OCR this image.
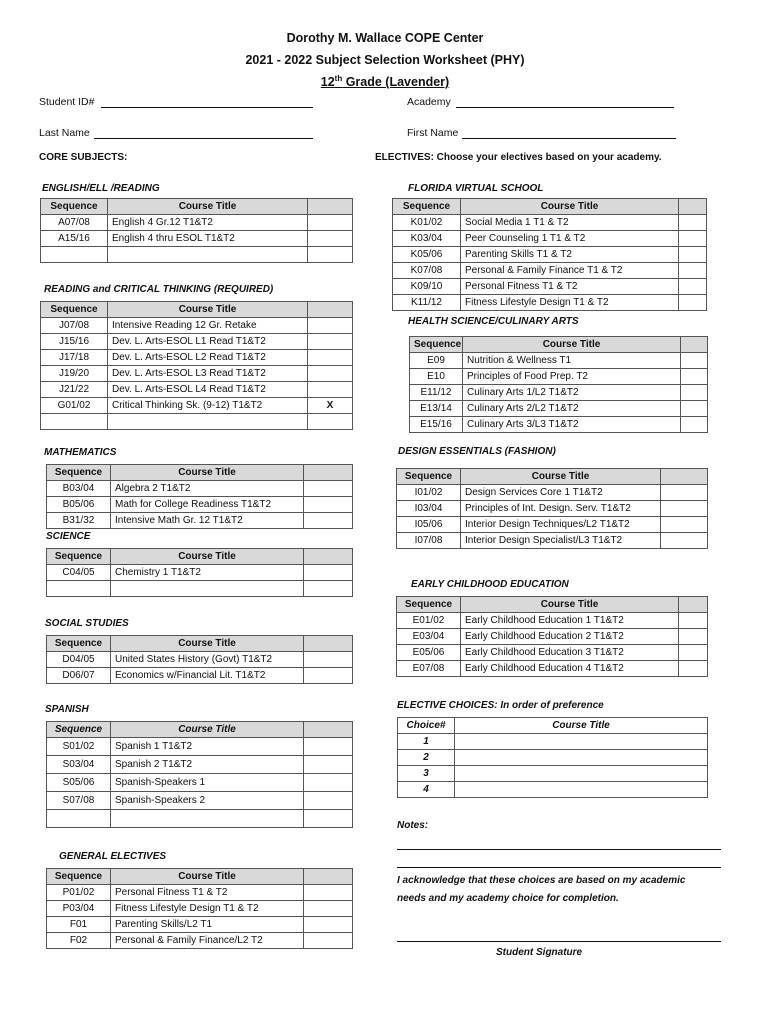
Dorothy M. Wallace COPE Center
2021 - 2022 Subject Selection Worksheet (PHY)
12th Grade (Lavender)
Student ID#	Academy
Last Name	First Name
CORE SUBJECTS:	ELECTIVES: Choose your electives based on your academy.
ENGLISH/ELL /READING
Sequence	Course Title	
A07/08	English 4 Gr.12 T1&T2	
A15/16	English 4 thru ESOL T1&T2	

READING and CRITICAL THINKING (REQUIRED)
Sequence	Course Title	
J07/08	Intensive Reading 12 Gr. Retake	
J15/16	Dev. L. Arts-ESOL L1 Read T1&T2	
J17/18	Dev. L. Arts-ESOL L2 Read T1&T2	
J19/20	Dev. L. Arts-ESOL L3 Read T1&T2	
J21/22	Dev. L. Arts-ESOL L4 Read T1&T2	
G01/02	Critical Thinking Sk. (9-12) T1&T2	X

MATHEMATICS
Sequence	Course Title	
B03/04	Algebra 2 T1&T2	
B05/06	Math for College Readiness T1&T2	
B31/32	Intensive Math Gr. 12 T1&T2	
SCIENCE
Sequence	Course Title	
C04/05	Chemistry 1 T1&T2	

SOCIAL STUDIES
Sequence	Course Title	
D04/05	United States History (Govt) T1&T2	
D06/07	Economics w/Financial Lit. T1&T2	
SPANISH
Sequence	Course Title	
S01/02	Spanish 1 T1&T2	
S03/04	Spanish 2 T1&T2	
S05/06	Spanish-Speakers 1	
S07/08	Spanish-Speakers 2	

GENERAL ELECTIVES
Sequence	Course Title	
P01/02	Personal Fitness T1 & T2	
P03/04	Fitness Lifestyle Design T1 & T2	
F01	Parenting Skills/L2 T1	
F02	Personal & Family Finance/L2 T2	
FLORIDA VIRTUAL SCHOOL
Sequence	Course Title	
K01/02	Social Media 1 T1 & T2	
K03/04	Peer Counseling 1 T1 & T2	
K05/06	Parenting Skills T1 & T2	
K07/08	Personal & Family Finance T1 & T2	
K09/10	Personal Fitness T1 & T2	
K11/12	Fitness Lifestyle Design T1 & T2	
HEALTH SCIENCE/CULINARY ARTS
Sequence	Course Title	
E09	Nutrition & Wellness T1	
E10	Principles of Food Prep. T2	
E11/12	Culinary Arts 1/L2 T1&T2	
E13/14	Culinary Arts 2/L2 T1&T2	
E15/16	Culinary Arts 3/L3 T1&T2	
DESIGN ESSENTIALS (FASHION)
Sequence	Course Title	
I01/02	Design Services Core 1 T1&T2	
I03/04	Principles of Int. Design. Serv. T1&T2	
I05/06	Interior Design Techniques/L2 T1&T2	
I07/08	Interior Design Specialist/L3 T1&T2	
EARLY CHILDHOOD EDUCATION
Sequence	Course Title	
E01/02	Early Childhood Education 1 T1&T2	
E03/04	Early Childhood Education 2 T1&T2	
E05/06	Early Childhood Education 3 T1&T2	
E07/08	Early Childhood Education 4 T1&T2	
ELECTIVE CHOICES: In order of preference
Choice#	Course Title
1	
2	
3	
4	
Notes:
I acknowledge that these choices are based on my academic
needs and my academy choice for completion.
Student Signature
